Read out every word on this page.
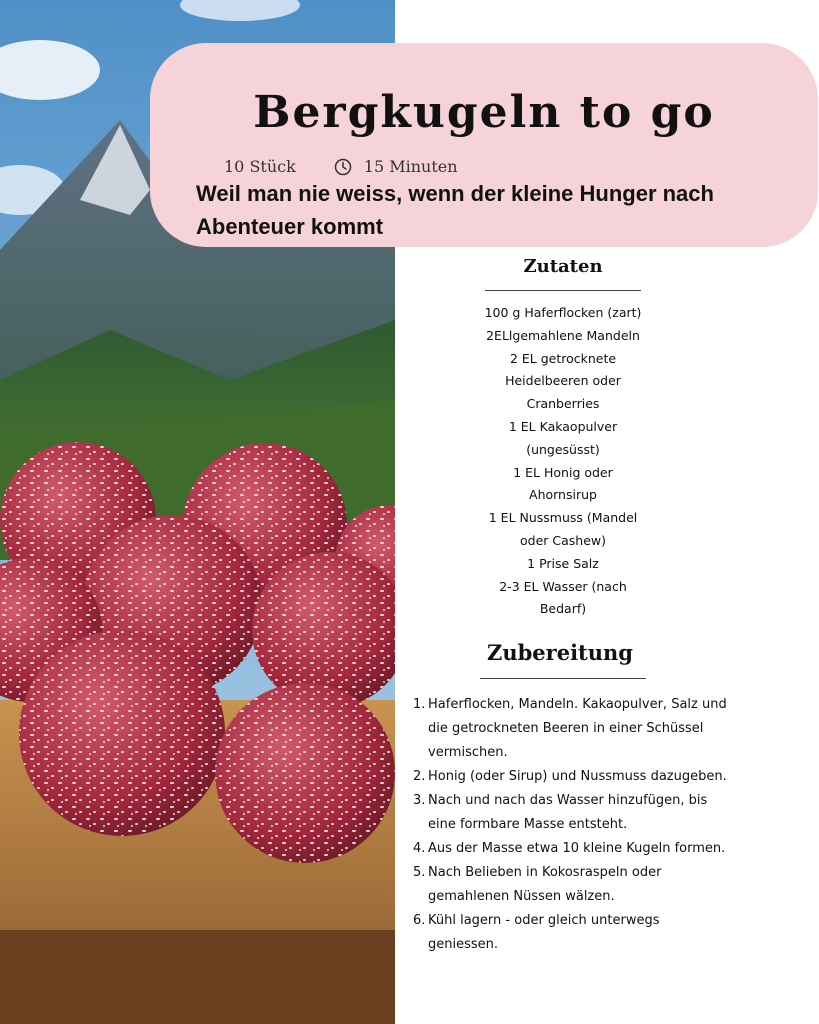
Bergkugeln to go
10 Stück	15 Minuten

Weil man nie weiss, wenn der kleine Hunger nach Abenteuer kommt

Zutaten
100 g Haferflocken (zart)
2ELlgemahlene Mandeln
2 EL getrocknete
Heidelbeeren oder
Cranberries
1 EL Kakaopulver
(ungesüsst)
1 EL Honig oder
Ahornsirup
1 EL Nussmuss (Mandel
oder Cashew)
1 Prise Salz
2-3 EL Wasser (nach
Bedarf)
Zubereitung
1. Haferflocken, Mandeln. Kakaopulver, Salz und die getrockneten Beeren in einer Schüssel vermischen.
2. Honig (oder Sirup) und Nussmuss dazugeben.
3. Nach und nach das Wasser hinzufügen, bis eine formbare Masse entsteht.
4. Aus der Masse etwa 10 kleine Kugeln formen.
5. Nach Belieben in Kokosraspeln oder gemahlenen Nüssen wälzen.
6. Kühl lagern - oder gleich unterwegs geniessen.
